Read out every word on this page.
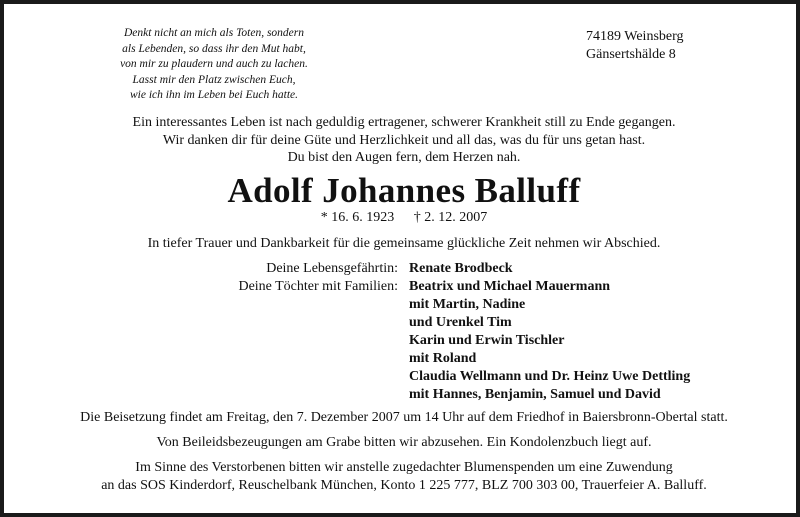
Denkt nicht an mich als Toten, sondern
als Lebenden, so dass ihr den Mut habt,
von mir zu plaudern und auch zu lachen.
Lasst mir den Platz zwischen Euch,
wie ich ihn im Leben bei Euch hatte.
74189 Weinsberg
Gänsertshälde 8
Ein interessantes Leben ist nach geduldig ertragener, schwerer Krankheit still zu Ende gegangen.
Wir danken dir für deine Güte und Herzlichkeit und all das, was du für uns getan hast.
Du bist den Augen fern, dem Herzen nah.
Adolf Johannes Balluff
* 16. 6. 1923 † 2. 12. 2007
In tiefer Trauer und Dankbarkeit für die gemeinsame glückliche Zeit nehmen wir Abschied.
Deine Lebensgefährtin: Renate Brodbeck
Deine Töchter mit Familien: Beatrix und Michael Mauermann
mit Martin, Nadine
und Urenkel Tim
Karin und Erwin Tischler
mit Roland
Claudia Wellmann und Dr. Heinz Uwe Dettling
mit Hannes, Benjamin, Samuel und David
Die Beisetzung findet am Freitag, den 7. Dezember 2007 um 14 Uhr auf dem Friedhof in Baiersbronn-Obertal statt.
Von Beileidsbezeugungen am Grabe bitten wir abzusehen. Ein Kondolenzbuch liegt auf.
Im Sinne des Verstorbenen bitten wir anstelle zugedachter Blumenspenden um eine Zuwendung
an das SOS Kinderdorf, Reuschelbank München, Konto 1 225 777, BLZ 700 303 00, Trauerfeier A. Balluff.
